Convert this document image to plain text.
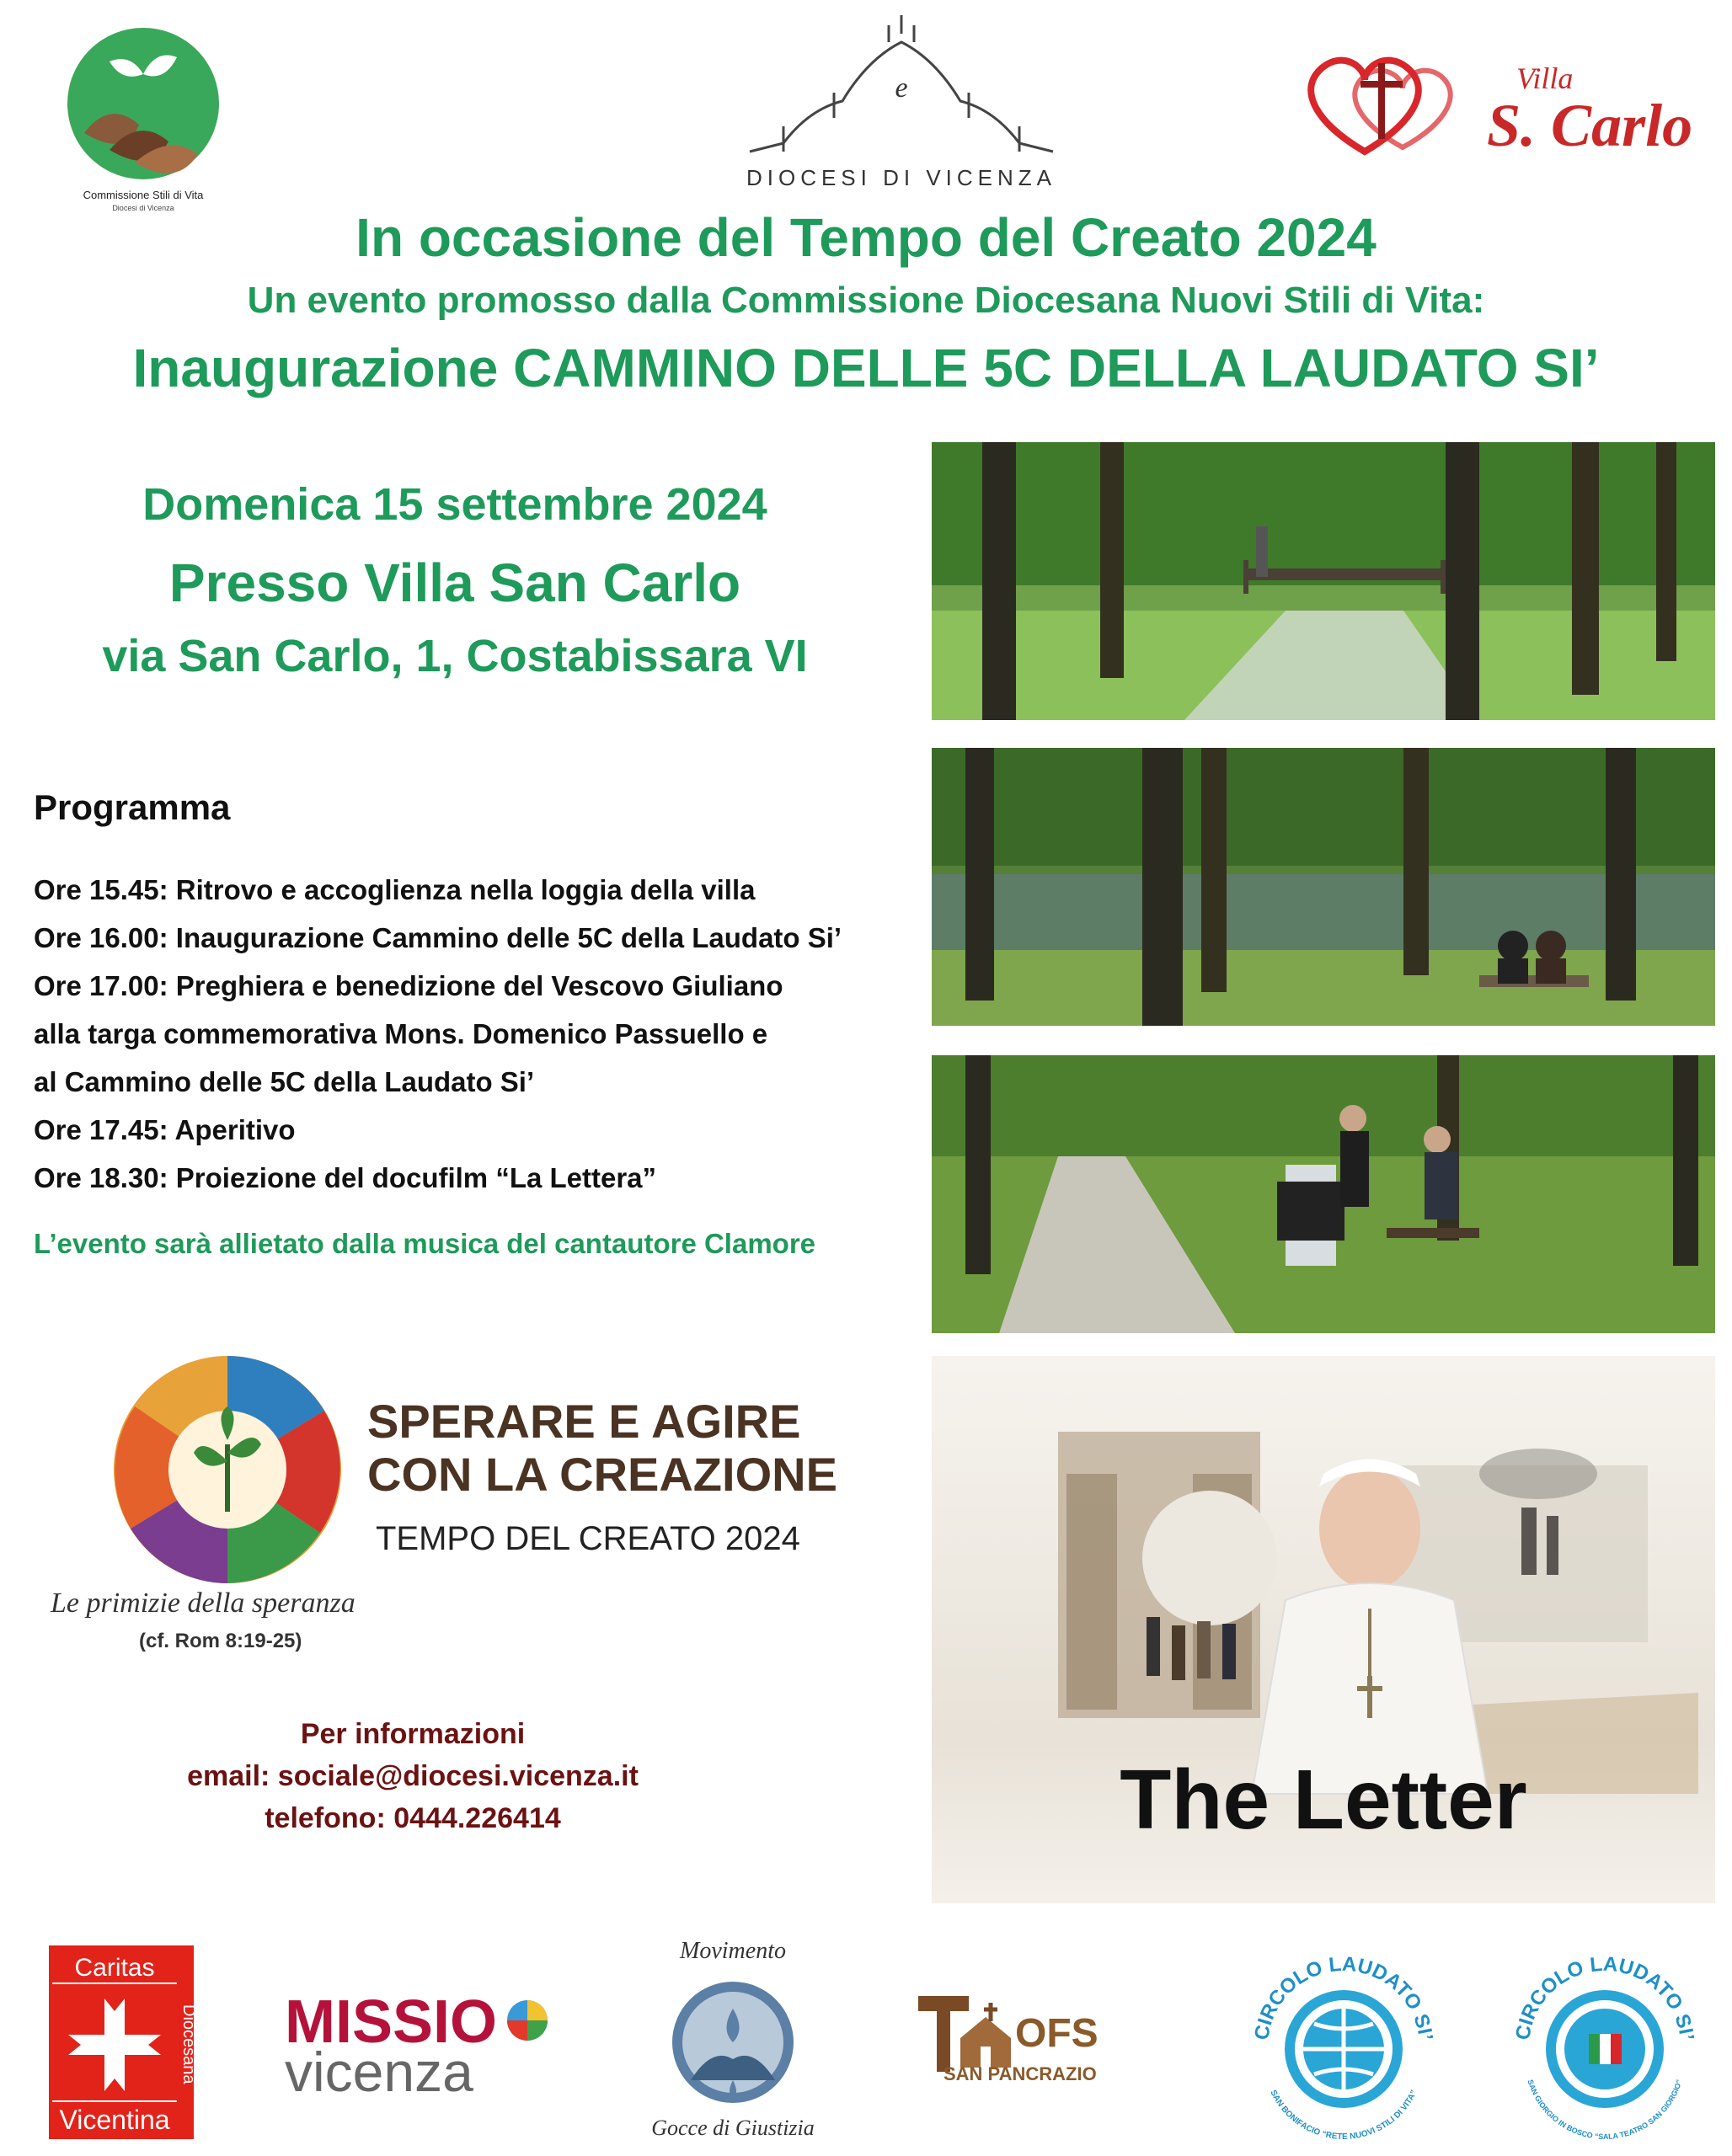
Commissione Stili di Vita
Diocesi di Vicenza
e
DIOCESI DI VICENZA
Villa
S. Carlo
In occasione del Tempo del Creato 2024
Un evento promosso dalla Commissione Diocesana Nuovi Stili di Vita:
Inaugurazione CAMMINO DELLE 5C DELLA LAUDATO SI’
Domenica 15 settembre 2024
Presso Villa San Carlo
via San Carlo, 1, Costabissara VI
Programma
Ore 15.45: Ritrovo e accoglienza nella loggia della villa
Ore 16.00: Inaugurazione Cammino delle 5C della Laudato Si’
Ore 17.00: Preghiera e benedizione del Vescovo Giuliano
alla targa commemorativa Mons. Domenico Passuello e
al Cammino delle 5C della Laudato Si’
Ore 17.45: Aperitivo
Ore 18.30: Proiezione del docufilm “La Lettera”
L’evento sarà allietato dalla musica del cantautore Clamore
SPERARE E AGIRE
CON LA CREAZIONE
TEMPO DEL CREATO 2024
Le primizie della speranza
(cf. Rom 8:19-25)
Per informazioni
email: sociale@diocesi.vicenza.it
telefono: 0444.226414	The Letter
Caritas
Diocesana
Vicentina
MISSIO
vicenza
Movimento
Gocce di Giustizia
OFS
SAN PANCRAZIO
CIRCOLO LAUDATO SI’
SAN BONIFACIO “RETE NUOVI STILI DI VITA”
CIRCOLO LAUDATO SI’
SAN GIORGIO IN BOSCO “SALA TEATRO SAN GIORGIO”
